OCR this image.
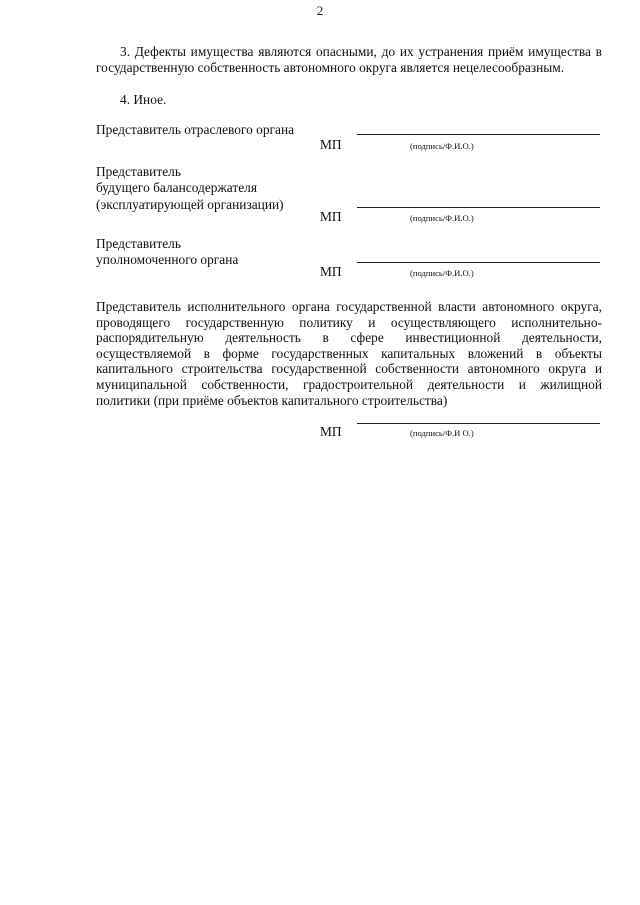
2

3. Дефекты имущества являются опасными, до их устранения приём имущества в государственную собственность автономного округа является нецелесообразным.

4. Иное.

Представитель отраслевого органа
МП	(подпись/Ф.И.О.)
Представитель
будущего балансодержателя
(эксплуатирующей организации)
МП	(подпись/Ф.И.О.)
Представитель
уполномоченного органа
МП	(подпись/Ф.И.О.)

Представитель исполнительного органа государственной власти автономного округа, проводящего государственную политику и осуществляющего исполнительно-распорядительную деятельность в сфере инвестиционной деятельности, осуществляемой в форме государственных капитальных вложений в объекты капитального строительства государственной собственности автономного округа и муниципальной собственности, градостроительной деятельности и жилищной политики (при приёме объектов капитального строительства)

МП	(подпись/Ф.И О.)
